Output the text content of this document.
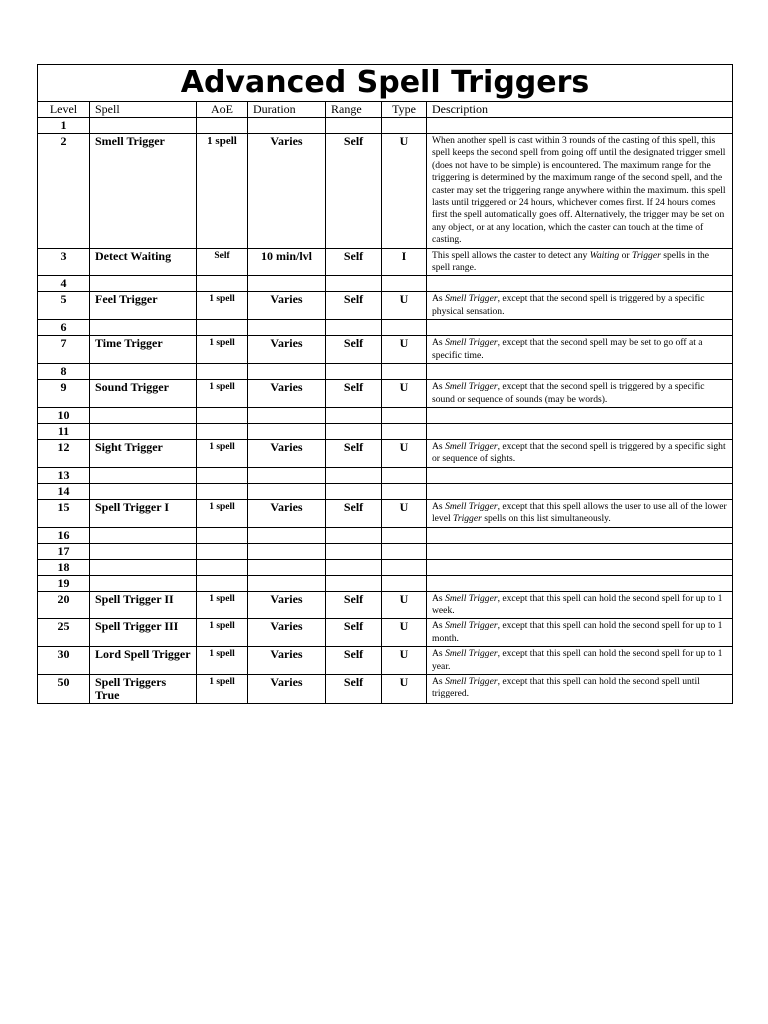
Advanced Spell Triggers						
Level	Spell	AoE	Duration	Range	Type	Description
1						
2	Smell Trigger	1 spell	Varies	Self	U	When another spell is cast within 3 rounds of the casting of this spell, this spell keeps the second spell from going off until the designated trigger smell (does not have to be simple) is encountered. The maximum range for the triggering is determined by the maximum range of the second spell, and the caster may set the triggering range anywhere within the maximum. this spell lasts until triggered or 24 hours, whichever comes first. If 24 hours comes first the spell automatically goes off. Alternatively, the trigger may be set on any object, or at any location, which the caster can touch at the time of casting.
3	Detect Waiting	Self	10 min/lvl	Self	I	This spell allows the caster to detect any Waiting or Trigger spells in the spell range.
4						
5	Feel Trigger	1 spell	Varies	Self	U	As Smell Trigger, except that the second spell is triggered by a specific physical sensation.
6						
7	Time Trigger	1 spell	Varies	Self	U	As Smell Trigger, except that the second spell may be set to go off at a specific time.
8						
9	Sound Trigger	1 spell	Varies	Self	U	As Smell Trigger, except that the second spell is triggered by a specific sound or sequence of sounds (may be words).
10						
11						
12	Sight Trigger	1 spell	Varies	Self	U	As Smell Trigger, except that the second spell is triggered by a specific sight or sequence of sights.
13						
14						
15	Spell Trigger I	1 spell	Varies	Self	U	As Smell Trigger, except that this spell allows the user to use all of the lower level Trigger spells on this list simultaneously.
16						
17						
18						
19						
20	Spell Trigger II	1 spell	Varies	Self	U	As Smell Trigger, except that this spell can hold the second spell for up to 1 week.
25	Spell Trigger III	1 spell	Varies	Self	U	As Smell Trigger, except that this spell can hold the second spell for up to 1 month.
30	Lord Spell Trigger	1 spell	Varies	Self	U	As Smell Trigger, except that this spell can hold the second spell for up to 1 year.
50	Spell Triggers True	1 spell	Varies	Self	U	As Smell Trigger, except that this spell can hold the second spell until triggered.
